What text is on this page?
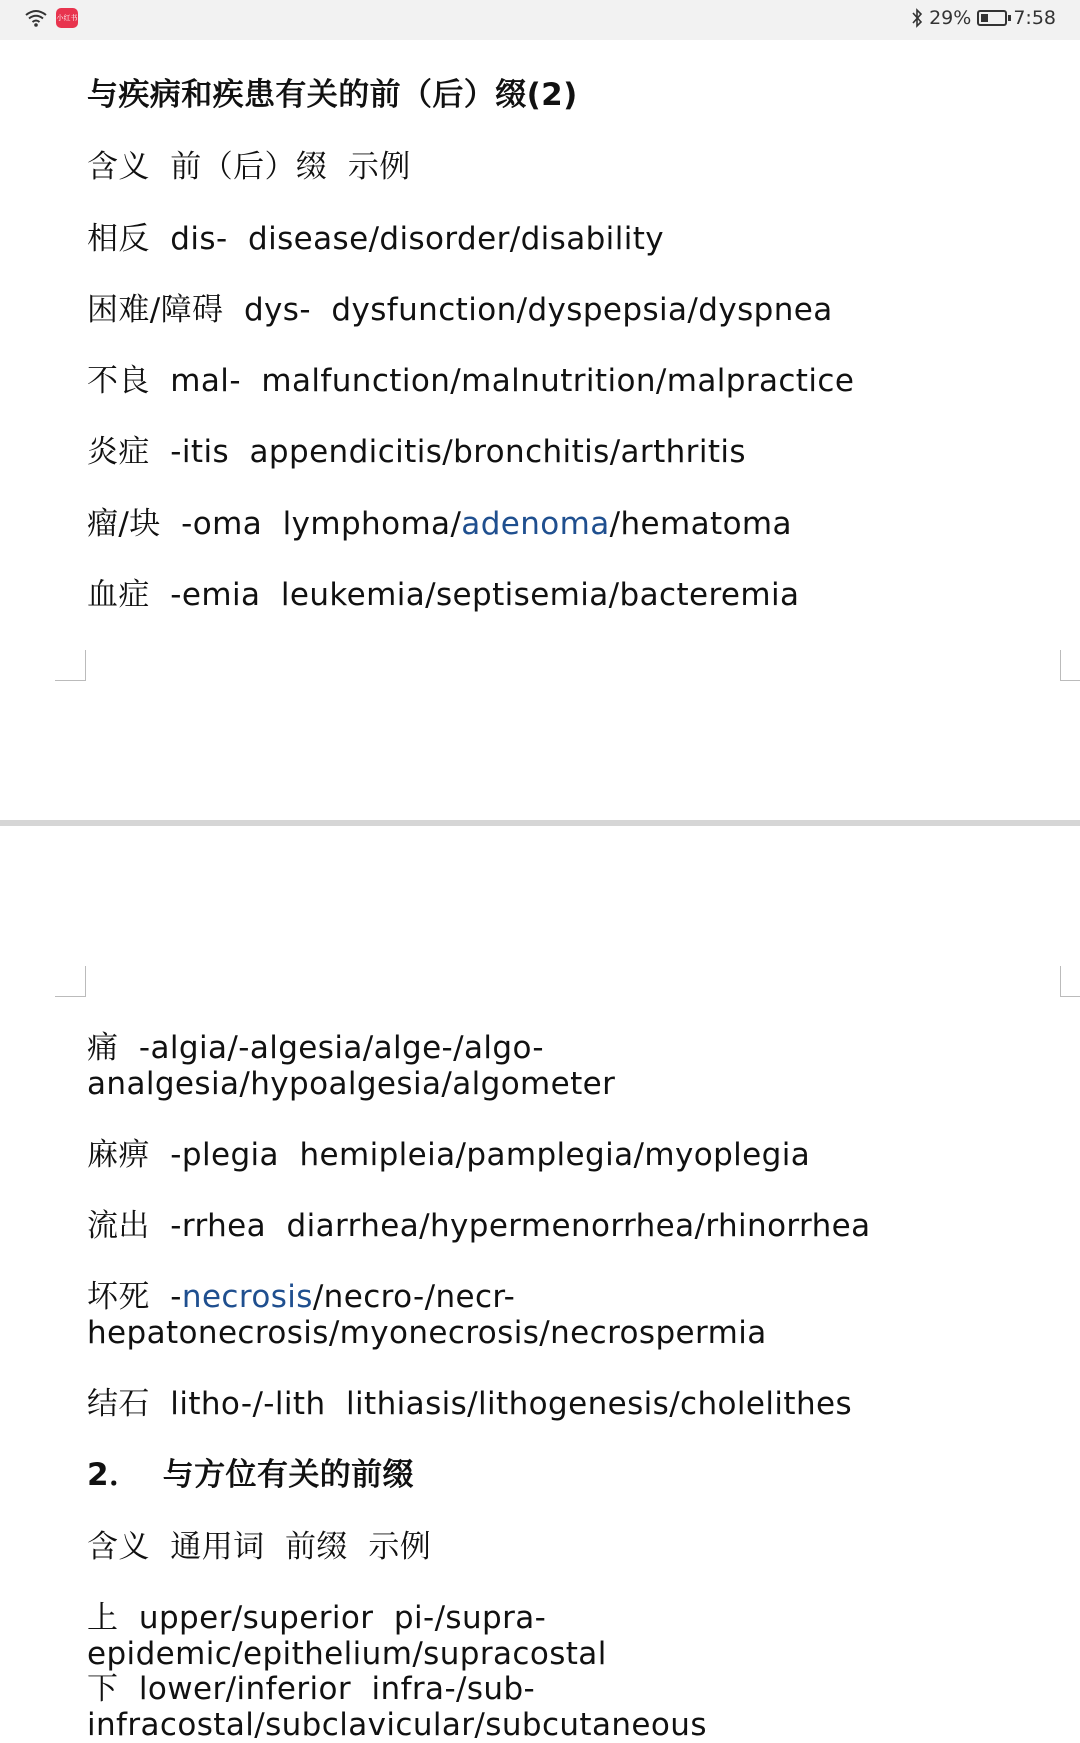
小红书	29% 7:58
与疾病和疾患有关的前（后）缀(2)
含义  前（后）缀  示例
相反  dis-  disease/disorder/disability
困难/障碍  dys-  dysfunction/dyspepsia/dyspnea
不良  mal-  malfunction/malnutrition/malpractice
炎症  -itis  appendicitis/bronchitis/arthritis
瘤/块  -oma  lymphoma/adenoma/hematoma
血症  -emia  leukemia/septisemia/bacteremia
痛  -algia/-algesia/alge-/algo-
analgesia/hypoalgesia/algometer
麻痹  -plegia  hemipleia/pamplegia/myoplegia
流出  -rrhea  diarrhea/hypermenorrhea/rhinorrhea
坏死  -necrosis/necro-/necr-
hepatonecrosis/myonecrosis/necrospermia
结石  litho-/-lith  lithiasis/lithogenesis/cholelithes
2．  与方位有关的前缀
含义  通用词  前缀  示例
上  upper/superior  pi-/supra-  epidemic/epithelium/supracostal
下  lower/inferior  infra-/sub-
infracostal/subclavicular/subcutaneous
